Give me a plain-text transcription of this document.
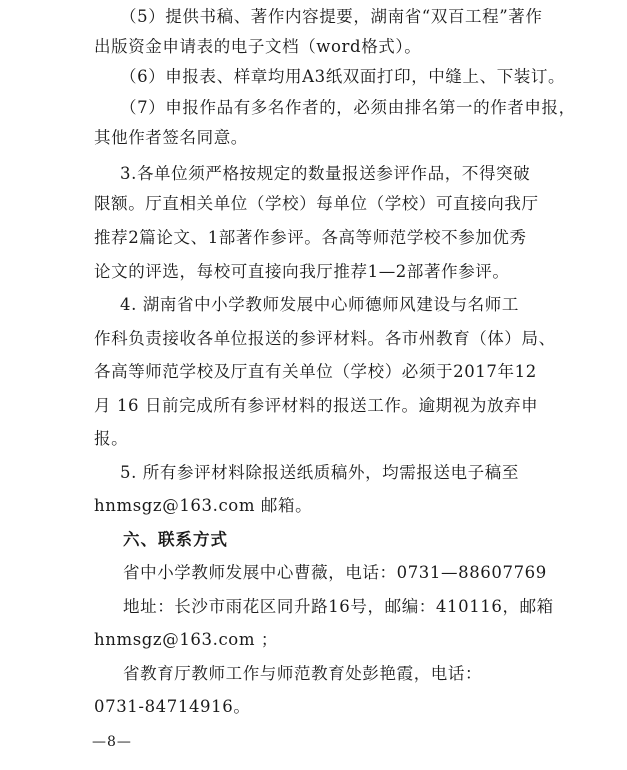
（5）提供书稿、著作内容提要，湖南省“双百工程”著作
出版资金申请表的电子文档（word格式）。
（6）申报表、样章均用A3纸双面打印，中缝上、下装订。
（7）申报作品有多名作者的，必须由排名第一的作者申报，
其他作者签名同意。
3.各单位须严格按规定的数量报送参评作品，不得突破
限额。厅直相关单位（学校）每单位（学校）可直接向我厅
推荐2篇论文、1部著作参评。各高等师范学校不参加优秀
论文的评选，每校可直接向我厅推荐1—2部著作参评。
4. 湖南省中小学教师发展中心师德师风建设与名师工
作科负责接收各单位报送的参评材料。各市州教育（体）局、
各高等师范学校及厅直有关单位（学校）必须于2017年12
月 16 日前完成所有参评材料的报送工作。逾期视为放弃申
报。
5. 所有参评材料除报送纸质稿外，均需报送电子稿至
hnmsgz@163.com 邮箱。
六、联系方式
省中小学教师发展中心曹薇，电话：0731—88607769
地址：长沙市雨花区同升路16号，邮编：410116，邮箱
hnmsgz@163.com ；
省教育厅教师工作与师范教育处彭艳霞，电话：
0731-84714916。
—8—
